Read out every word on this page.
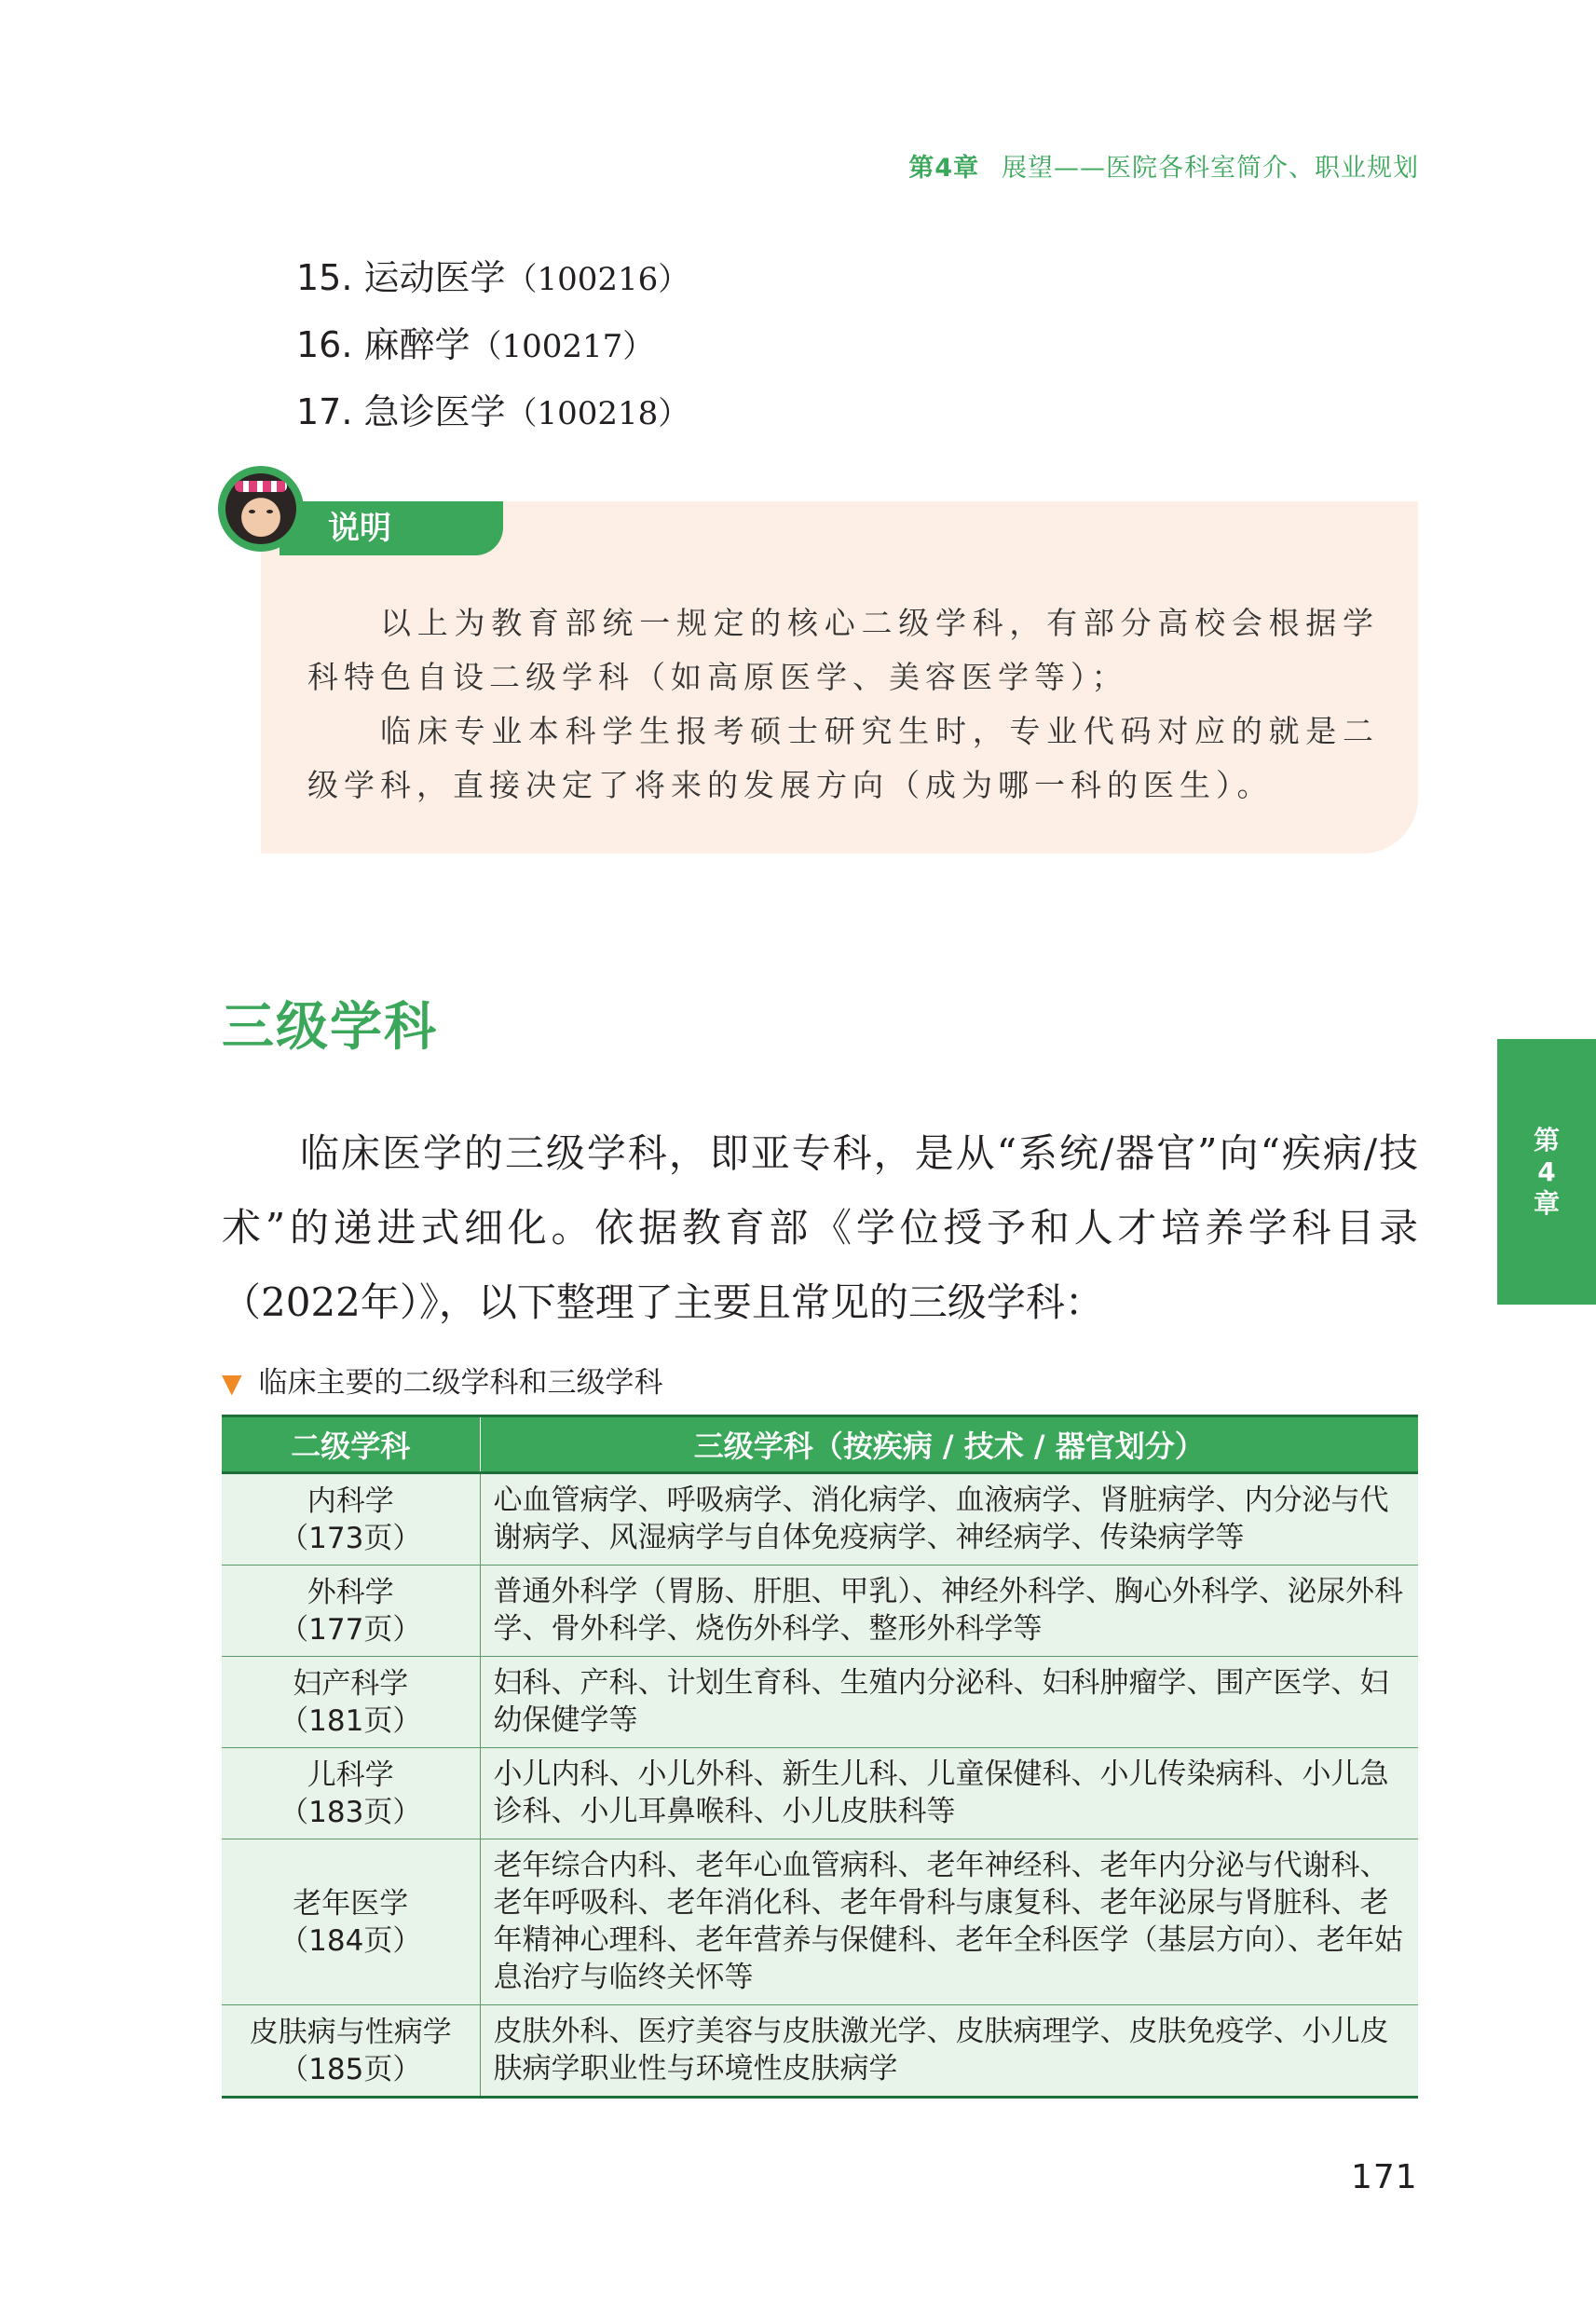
第4章 展望——医院各科室简介、职业规划
15. 运动医学（100216）
16. 麻醉学（100217）
17. 急诊医学（100218）
说明

以上为教育部统一规定的核心二级学科，有部分高校会根据学科特色自设二级学科（如高原医学、美容医学等）；

临床专业本科学生报考硕士研究生时，专业代码对应的就是二级学科，直接决定了将来的发展方向（成为哪一科的医生）。

三级学科

临床医学的三级学科，即亚专科，是从“系统/器官”向“疾病/技术”的递进式细化。依据教育部《学位授予和人才培养学科目录（2022年）》，以下整理了主要且常见的三级学科：

第
4
章
▼ 临床主要的二级学科和三级学科
二级学科	三级学科（按疾病 / 技术 / 器官划分）

内科学
（173页）	心血管病学、呼吸病学、消化病学、血液病学、肾脏病学、内分泌与代谢病学、风湿病学与自体免疫病学、神经病学、传染病学等

外科学
（177页）	普通外科学（胃肠、肝胆、甲乳）、神经外科学、胸心外科学、泌尿外科学、骨外科学、烧伤外科学、整形外科学等

妇产科学
（181页）	妇科、产科、计划生育科、生殖内分泌科、妇科肿瘤学、围产医学、妇幼保健学等

儿科学
（183页）	小儿内科、小儿外科、新生儿科、儿童保健科、小儿传染病科、小儿急诊科、小儿耳鼻喉科、小儿皮肤科等

老年医学
（184页）	老年综合内科、老年心血管病科、老年神经科、老年内分泌与代谢科、老年呼吸科、老年消化科、老年骨科与康复科、老年泌尿与肾脏科、老年精神心理科、老年营养与保健科、老年全科医学（基层方向）、老年姑息治疗与临终关怀等

皮肤病与性病学
（185页）	皮肤外科、医疗美容与皮肤激光学、皮肤病理学、皮肤免疫学、小儿皮肤病学职业性与环境性皮肤病学
171
